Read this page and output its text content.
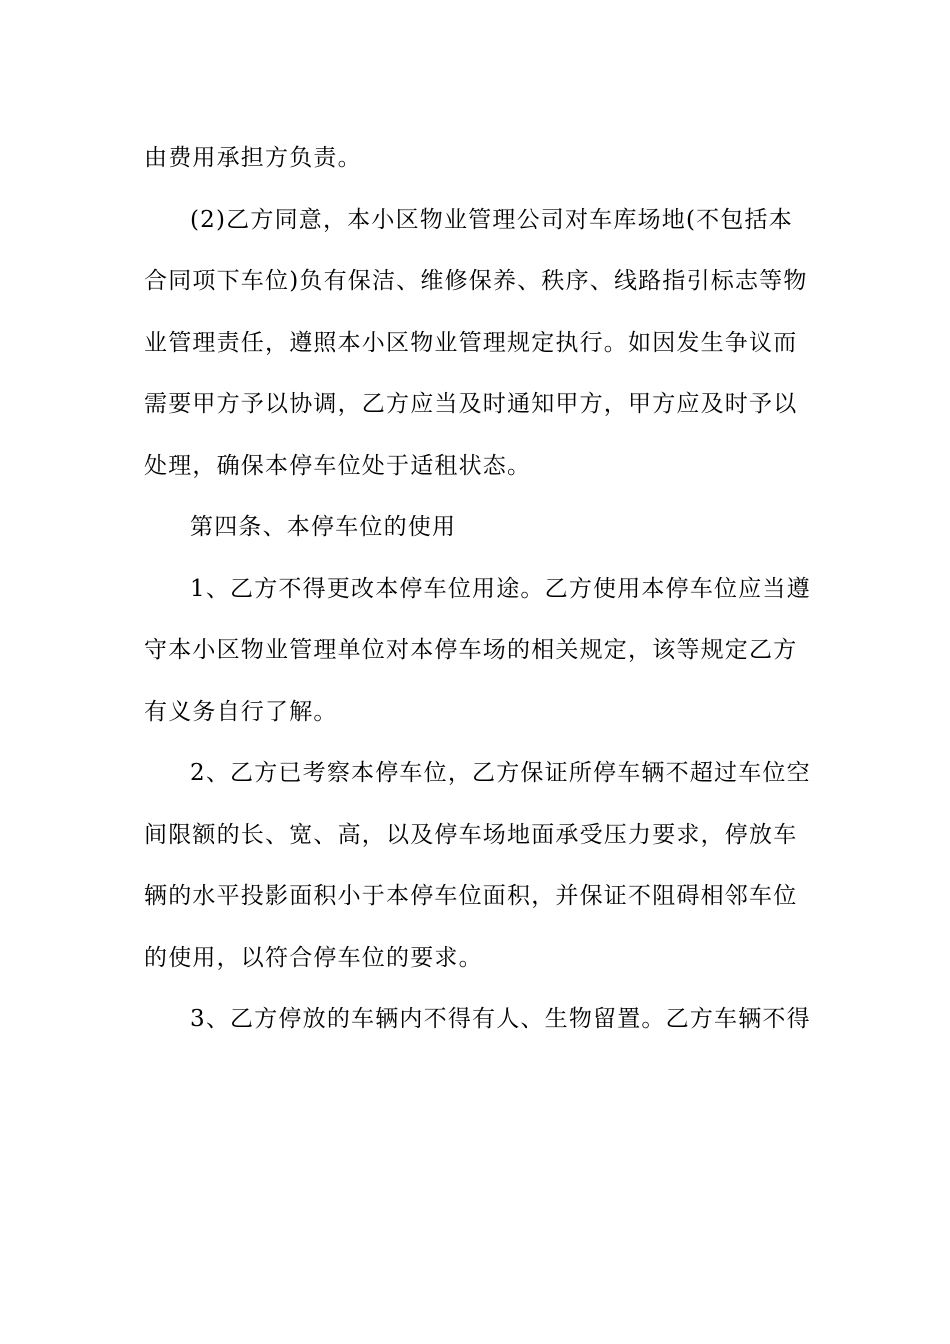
由费用承担方负责。
(2)乙方同意，本小区物业管理公司对车库场地(不包括本
合同项下车位)负有保洁、维修保养、秩序、线路指引标志等物
业管理责任，遵照本小区物业管理规定执行。如因发生争议而
需要甲方予以协调，乙方应当及时通知甲方，甲方应及时予以
处理，确保本停车位处于适租状态。
第四条、本停车位的使用
1、乙方不得更改本停车位用途。乙方使用本停车位应当遵
守本小区物业管理单位对本停车场的相关规定，该等规定乙方
有义务自行了解。
2、乙方已考察本停车位，乙方保证所停车辆不超过车位空
间限额的长、宽、高，以及停车场地面承受压力要求，停放车
辆的水平投影面积小于本停车位面积，并保证不阻碍相邻车位
的使用，以符合停车位的要求。
3、乙方停放的车辆内不得有人、生物留置。乙方车辆不得
